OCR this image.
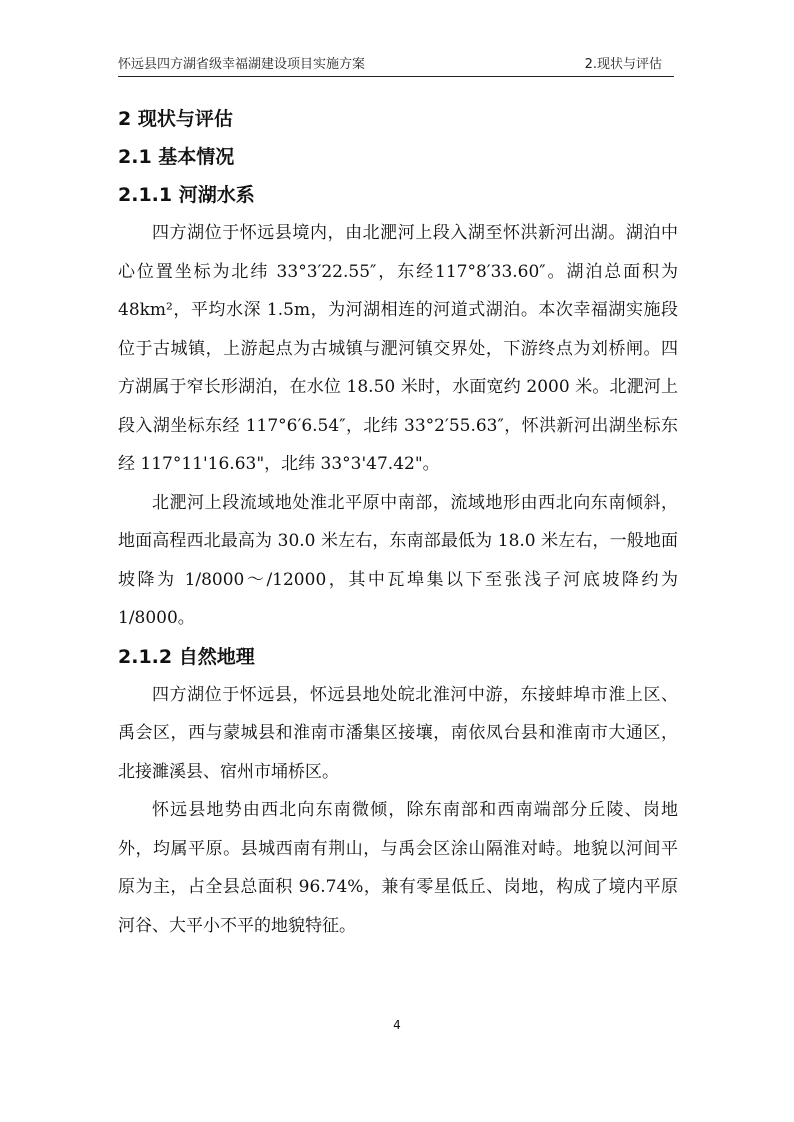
怀远县四方湖省级幸福湖建设项目实施方案	2.现状与评估
2 现状与评估
2.1 基本情况
2.1.1 河湖水系

四方湖位于怀远县境内，由北淝河上段入湖至怀洪新河出湖。湖泊中心位置坐标为北纬 33°3′22.55″，东经117°8′33.60″。湖泊总面积为 48km²，平均水深 1.5m，为河湖相连的河道式湖泊。本次幸福湖实施段位于古城镇，上游起点为古城镇与淝河镇交界处，下游终点为刘桥闸。四方湖属于窄长形湖泊，在水位 18.50 米时，水面宽约 2000 米。北淝河上段入湖坐标东经 117°6′6.54″，北纬 33°2′55.63″，怀洪新河出湖坐标东经 117°11'16.63"，北纬 33°3'47.42"。

北淝河上段流域地处淮北平原中南部，流域地形由西北向东南倾斜，地面高程西北最高为 30.0 米左右，东南部最低为 18.0 米左右，一般地面坡降为 1/8000～/12000，其中瓦埠集以下至张浅子河底坡降约为 1/8000。

2.1.2 自然地理

四方湖位于怀远县，怀远县地处皖北淮河中游，东接蚌埠市淮上区、禹会区，西与蒙城县和淮南市潘集区接壤，南依凤台县和淮南市大通区，北接濉溪县、宿州市埇桥区。

怀远县地势由西北向东南微倾，除东南部和西南端部分丘陵、岗地外，均属平原。县城西南有荆山，与禹会区涂山隔淮对峙。地貌以河间平原为主，占全县总面积 96.74%，兼有零星低丘、岗地，构成了境内平原河谷、大平小不平的地貌特征。

4
